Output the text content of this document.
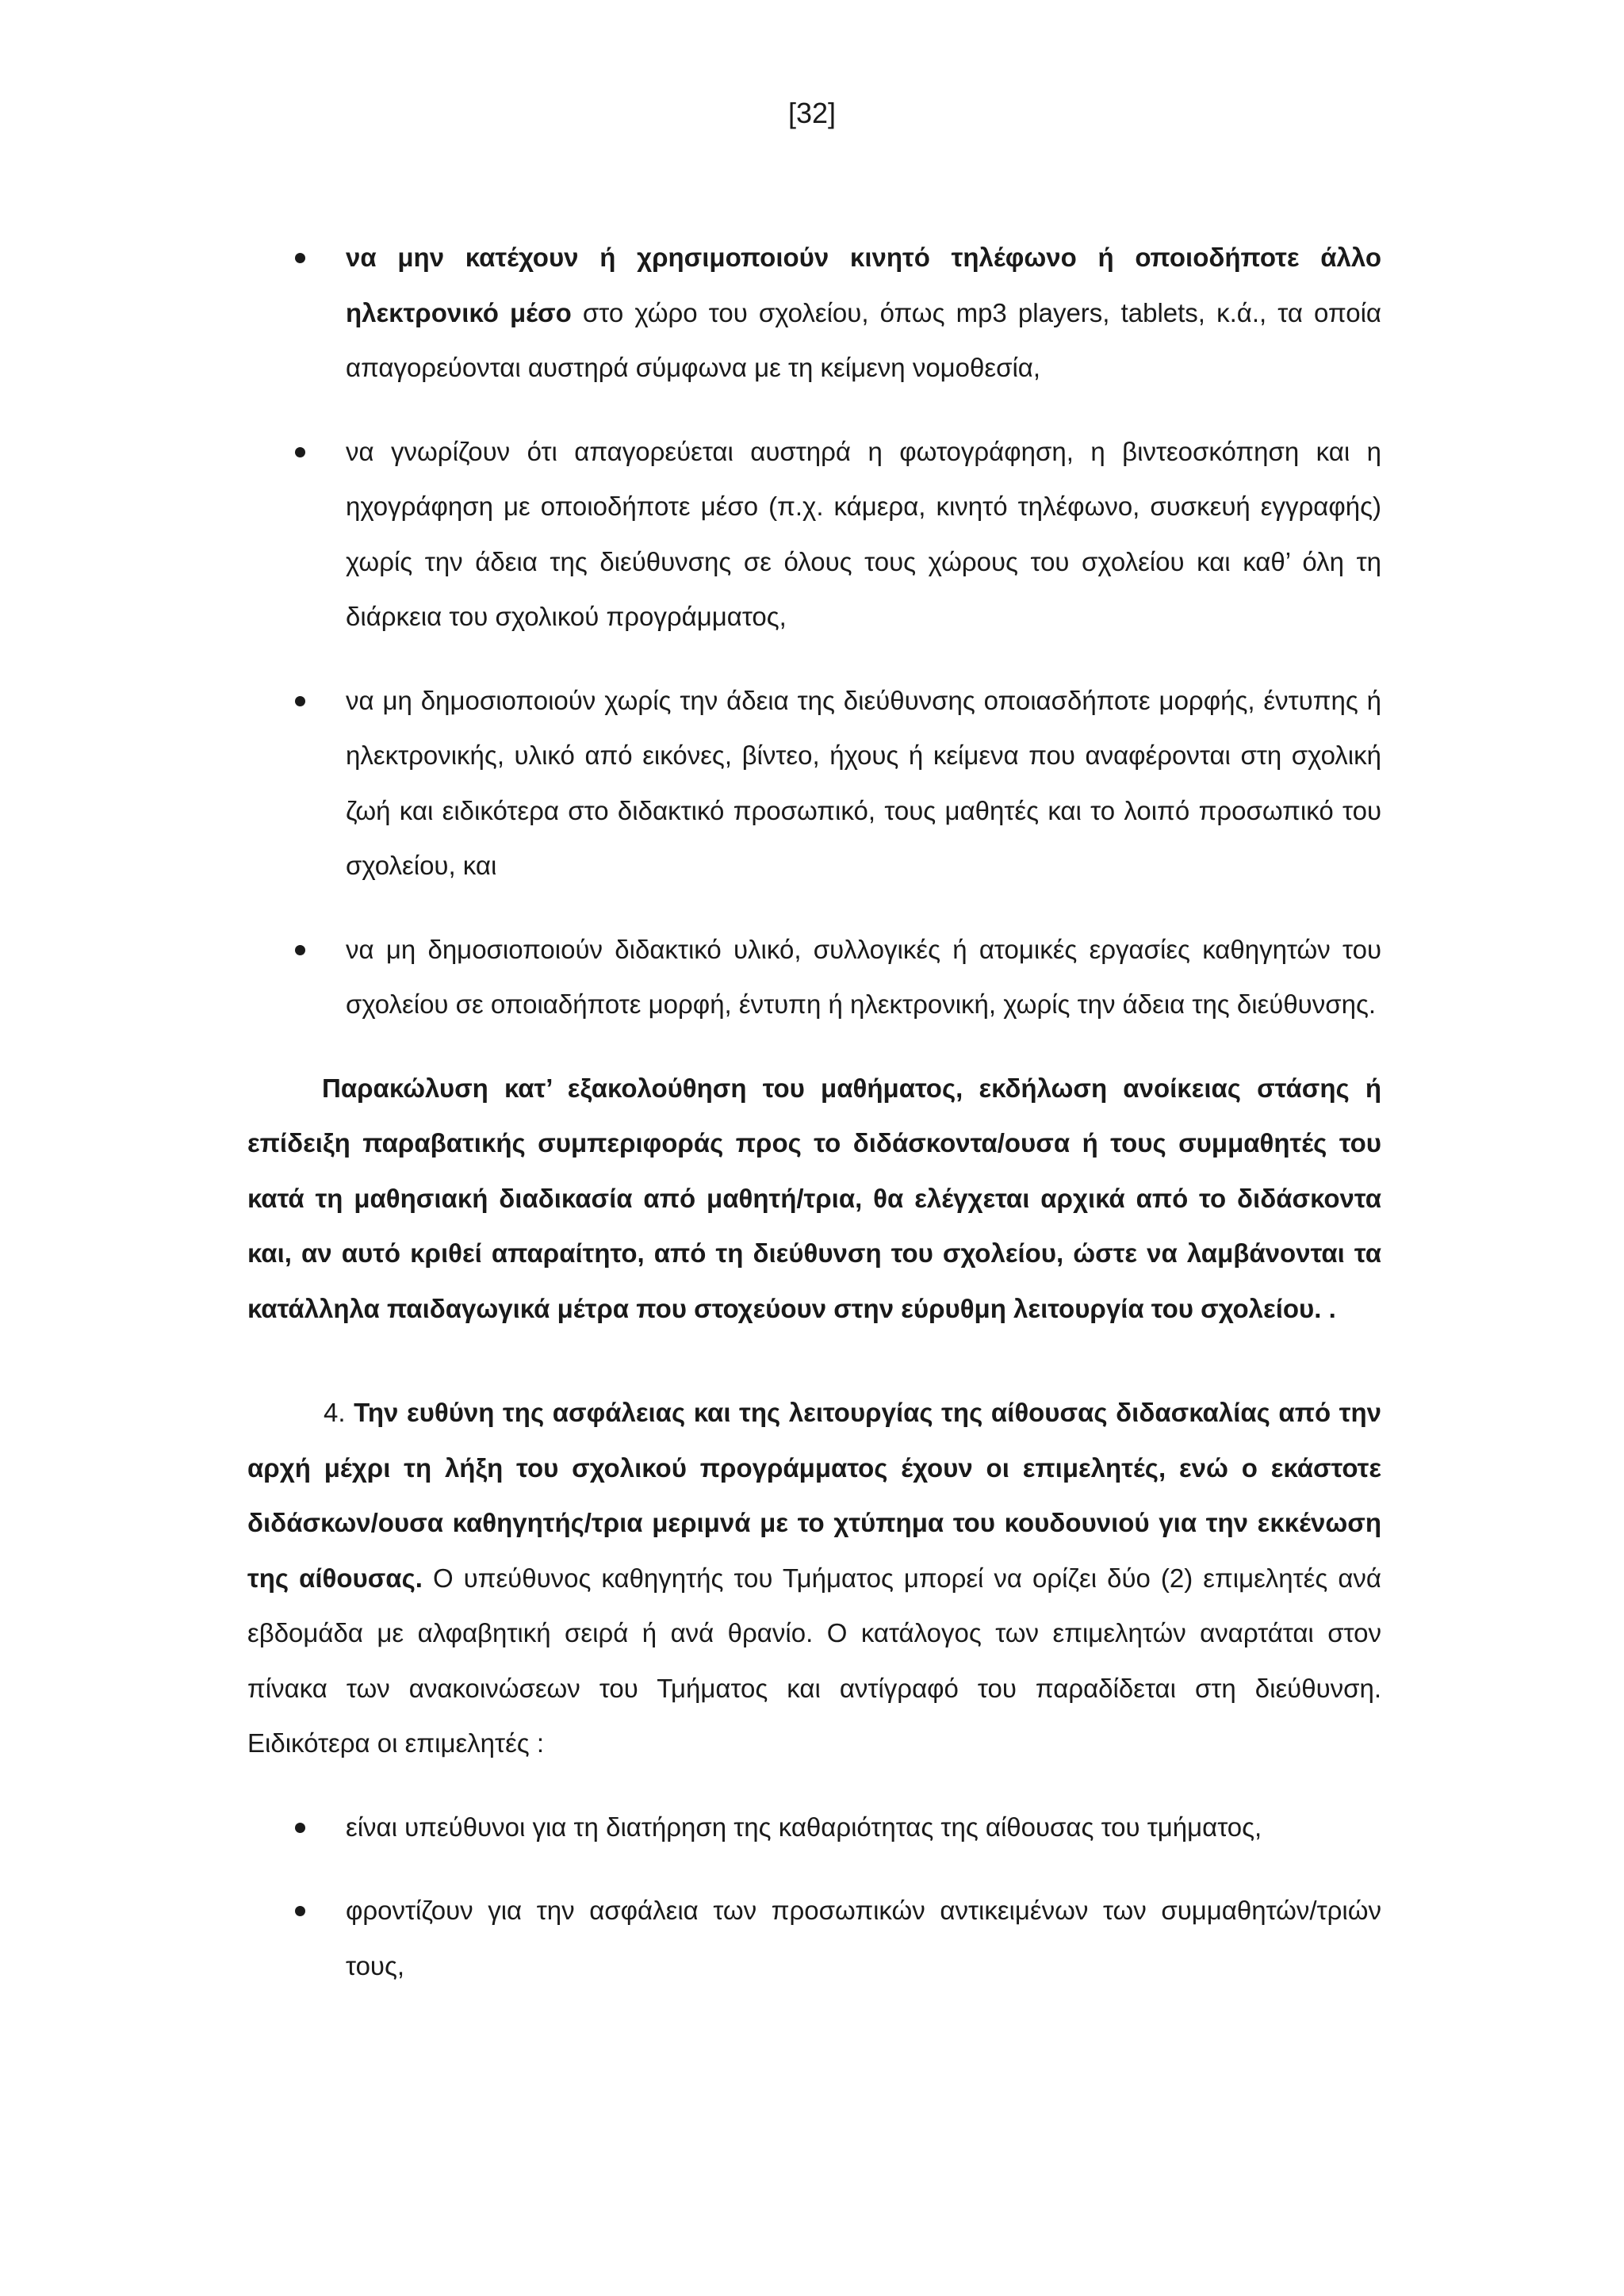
[32]
να μην κατέχουν ή χρησιμοποιούν κινητό τηλέφωνο ή οποιοδήποτε άλλο ηλεκτρονικό μέσο στο χώρο του σχολείου, όπως mp3 players, tablets, κ.ά., τα οποία απαγορεύονται αυστηρά σύμφωνα με τη κείμενη νομοθεσία,
να γνωρίζουν ότι απαγορεύεται αυστηρά η φωτογράφηση, η βιντεοσκόπηση και η ηχογράφηση με οποιοδήποτε μέσο (π.χ. κάμερα, κινητό τηλέφωνο, συσκευή εγγραφής) χωρίς την άδεια της διεύθυνσης σε όλους τους χώρους του σχολείου και καθ’ όλη τη διάρκεια του σχολικού προγράμματος,
να μη δημοσιοποιούν χωρίς την άδεια της διεύθυνσης οποιασδήποτε μορφής, έντυπης ή ηλεκτρονικής, υλικό από εικόνες, βίντεο, ήχους ή κείμενα που αναφέρονται στη σχολική ζωή και ειδικότερα στο διδακτικό προσωπικό, τους μαθητές και το λοιπό προσωπικό του σχολείου, και
να μη δημοσιοποιούν διδακτικό υλικό, συλλογικές ή ατομικές εργασίες καθηγητών του σχολείου σε οποιαδήποτε μορφή, έντυπη ή ηλεκτρονική, χωρίς την άδεια της διεύθυνσης.

Παρακώλυση κατ’ εξακολούθηση του μαθήματος, εκδήλωση ανοίκειας στάσης ή επίδειξη παραβατικής συμπεριφοράς προς το διδάσκοντα/ουσα ή τους συμμαθητές του κατά τη μαθησιακή διαδικασία από μαθητή/τρια, θα ελέγχεται αρχικά από το διδάσκοντα και, αν αυτό κριθεί απαραίτητο, από τη διεύθυνση του σχολείου, ώστε να λαμβάνονται τα κατάλληλα παιδαγωγικά μέτρα που στοχεύουν στην εύρυθμη λειτουργία του σχολείου. .

4. Την ευθύνη της ασφάλειας και της λειτουργίας της αίθουσας διδασκαλίας από την αρχή μέχρι τη λήξη του σχολικού προγράμματος έχουν οι επιμελητές, ενώ ο εκάστοτε διδάσκων/ουσα καθηγητής/τρια μεριμνά με το χτύπημα του κουδουνιού για την εκκένωση της αίθουσας. Ο υπεύθυνος καθηγητής του Τμήματος μπορεί να ορίζει δύο (2) επιμελητές ανά εβδομάδα με αλφαβητική σειρά ή ανά θρανίο. Ο κατάλογος των επιμελητών αναρτάται στον πίνακα των ανακοινώσεων του Τμήματος και αντίγραφό του παραδίδεται στη διεύθυνση. Ειδικότερα οι επιμελητές :

είναι υπεύθυνοι για τη διατήρηση της καθαριότητας της αίθουσας του τμήματος,
φροντίζουν για την ασφάλεια των προσωπικών αντικειμένων των συμμαθητών/τριών τους,
